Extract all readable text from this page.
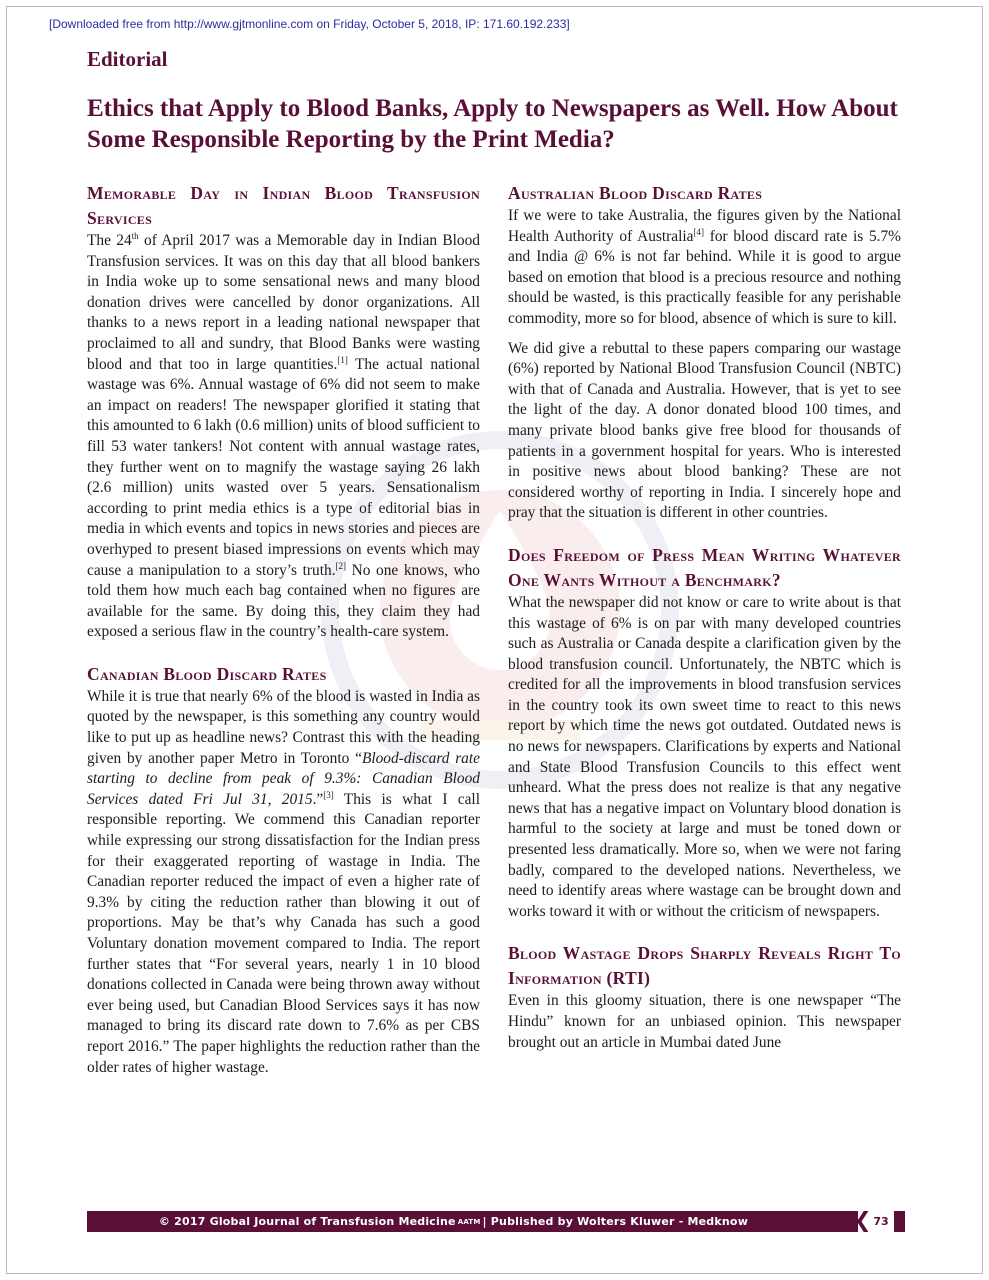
[Downloaded free from http://www.gjtmonline.com on Friday, October 5, 2018, IP: 171.60.192.233]
Editorial
Ethics that Apply to Blood Banks, Apply to Newspapers as Well. How About Some Responsible Reporting by the Print Media?
Memorable Day in Indian Blood Transfusion Services

The 24th of April 2017 was a Memorable day in Indian Blood Transfusion services. It was on this day that all blood bankers in India woke up to some sensational news and many blood donation drives were cancelled by donor organizations. All thanks to a news report in a leading national newspaper that proclaimed to all and sundry, that Blood Banks were wasting blood and that too in large quantities.[1] The actual national wastage was 6%. Annual wastage of 6% did not seem to make an impact on readers! The newspaper glorified it stating that this amounted to 6 lakh (0.6 million) units of blood sufficient to fill 53 water tankers! Not content with annual wastage rates, they further went on to magnify the wastage saying 26 lakh (2.6 million) units wasted over 5 years. Sensationalism according to print media ethics is a type of editorial bias in media in which events and topics in news stories and pieces are overhyped to present biased impressions on events which may cause a manipulation to a story’s truth.[2] No one knows, who told them how much each bag contained when no figures are available for the same. By doing this, they claim they had exposed a serious flaw in the country’s health-care system.

Canadian Blood Discard Rates

While it is true that nearly 6% of the blood is wasted in India as quoted by the newspaper, is this something any country would like to put up as headline news? Contrast this with the heading given by another paper Metro in Toronto “Blood-discard rate starting to decline from peak of 9.3%: Canadian Blood Services dated Fri Jul 31, 2015.”[3] This is what I call responsible reporting. We commend this Canadian reporter while expressing our strong dissatisfaction for the Indian press for their exaggerated reporting of wastage in India. The Canadian reporter reduced the impact of even a higher rate of 9.3% by citing the reduction rather than blowing it out of proportions. May be that’s why Canada has such a good Voluntary donation movement compared to India. The report further states that “For several years, nearly 1 in 10 blood donations collected in Canada were being thrown away without ever being used, but Canadian Blood Services says it has now managed to bring its discard rate down to 7.6% as per CBS report 2016.” The paper highlights the reduction rather than the older rates of higher wastage.

Australian Blood Discard Rates

If we were to take Australia, the figures given by the National Health Authority of Australia[4] for blood discard rate is 5.7% and India @ 6% is not far behind. While it is good to argue based on emotion that blood is a precious resource and nothing should be wasted, is this practically feasible for any perishable commodity, more so for blood, absence of which is sure to kill.

We did give a rebuttal to these papers comparing our wastage (6%) reported by National Blood Transfusion Council (NBTC) with that of Canada and Australia. However, that is yet to see the light of the day. A donor donated blood 100 times, and many private blood banks give free blood for thousands of patients in a government hospital for years. Who is interested in positive news about blood banking? These are not considered worthy of reporting in India. I sincerely hope and pray that the situation is different in other countries.

Does Freedom of Press Mean Writing Whatever One Wants Without a Benchmark?

What the newspaper did not know or care to write about is that this wastage of 6% is on par with many developed countries such as Australia or Canada despite a clarification given by the blood transfusion council. Unfortunately, the NBTC which is credited for all the improvements in blood transfusion services in the country took its own sweet time to react to this news report by which time the news got outdated. Outdated news is no news for newspapers. Clarifications by experts and National and State Blood Transfusion Councils to this effect went unheard. What the press does not realize is that any negative news that has a negative impact on Voluntary blood donation is harmful to the society at large and must be toned down or presented less dramatically. More so, when we were not faring badly, compared to the developed nations. Nevertheless, we need to identify areas where wastage can be brought down and works toward it with or without the criticism of newspapers.

Blood Wastage Drops Sharply Reveals Right To Information (RTI)

Even in this gloomy situation, there is one newspaper “The Hindu” known for an unbiased opinion. This newspaper brought out an article in Mumbai dated June

© 2017 Global Journal of Transfusion Medicine AATM | Published by Wolters Kluwer - Medknow	❮ 73
